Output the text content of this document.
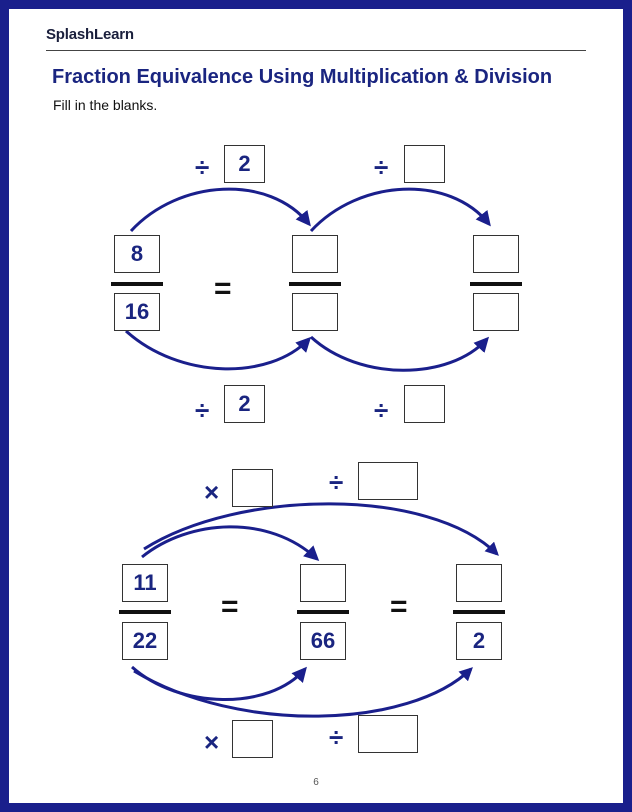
SplashLearn
Fraction Equivalence Using Multiplication & Division
Fill in the blanks.
÷	2	÷
8
16
=
÷	2	÷
×	÷
11
22
=
66
=
2
×	÷
6
